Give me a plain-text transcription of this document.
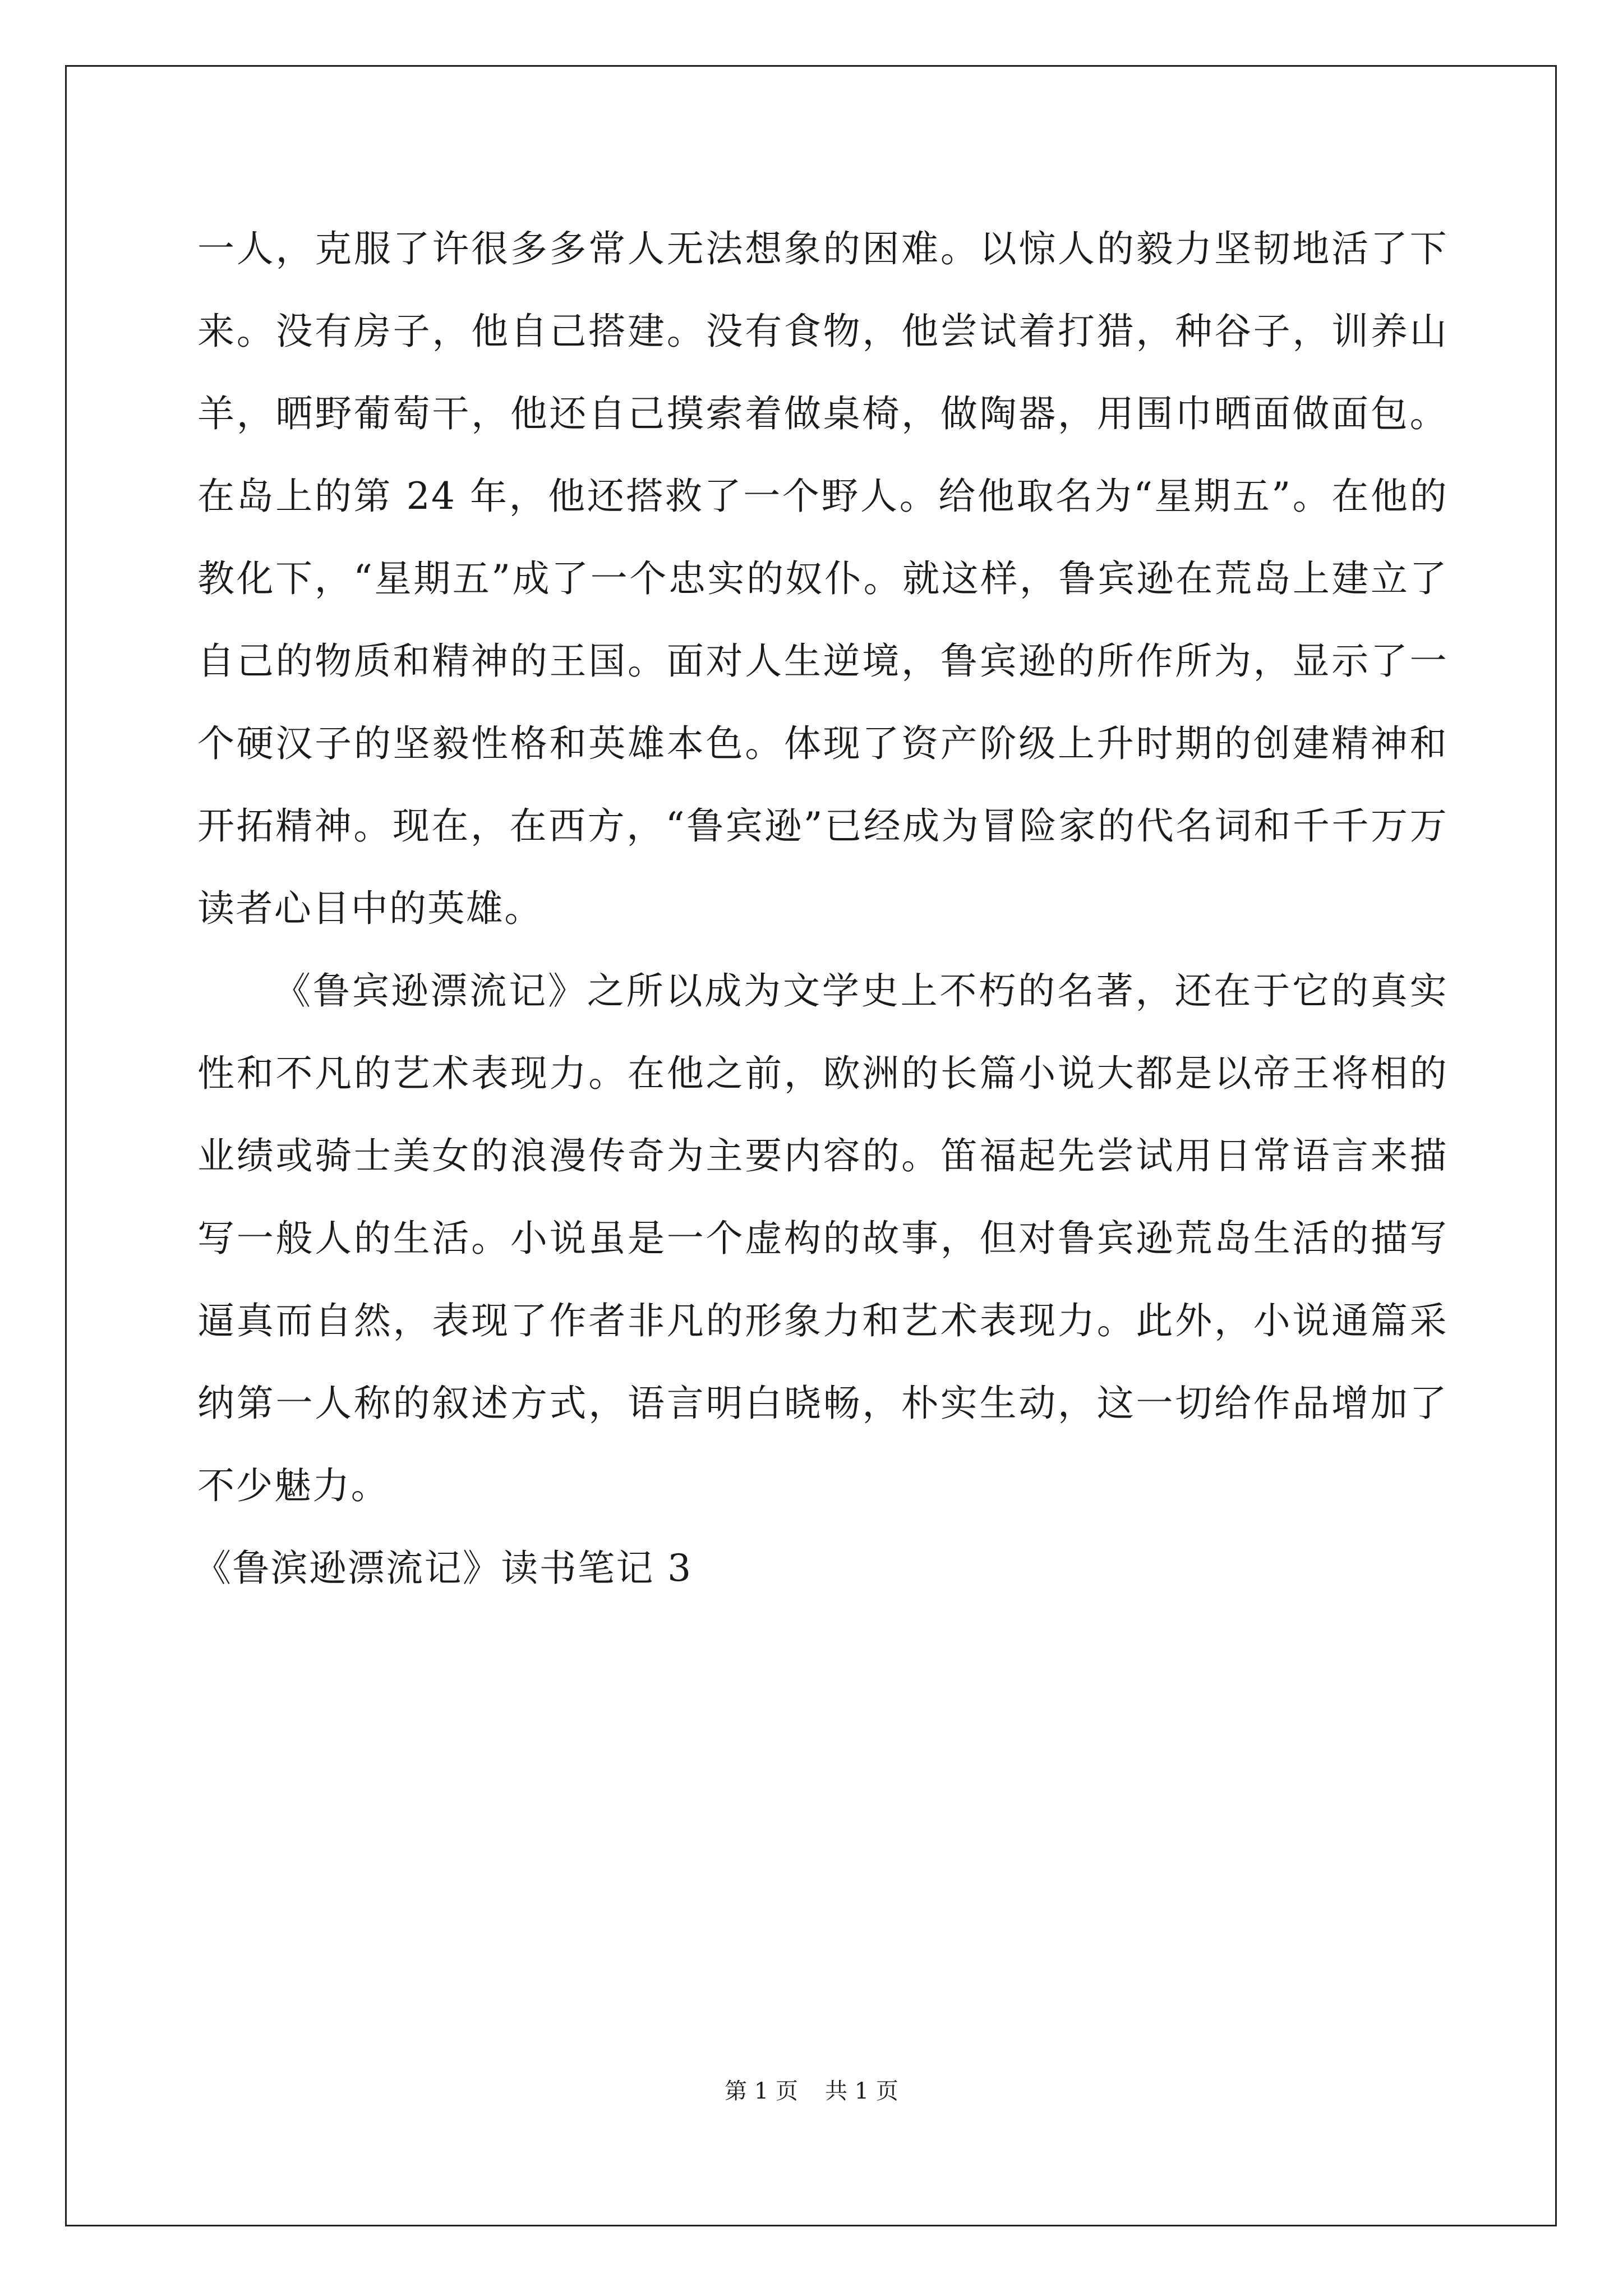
一人，克服了许很多多常人无法想象的困难。以惊人的毅力坚韧地活了下来。没有房子，他自己搭建。没有食物，他尝试着打猎，种谷子，训养山羊，晒野葡萄干，他还自己摸索着做桌椅，做陶器，用围巾晒面做面包。在岛上的第 24 年，他还搭救了一个野人。给他取名为“星期五”。在他的教化下，“星期五”成了一个忠实的奴仆。就这样，鲁宾逊在荒岛上建立了自己的物质和精神的王国。面对人生逆境，鲁宾逊的所作所为，显示了一个硬汉子的坚毅性格和英雄本色。体现了资产阶级上升时期的创建精神和开拓精神。现在，在西方，“鲁宾逊”已经成为冒险家的代名词和千千万万读者心目中的英雄。

《鲁宾逊漂流记》之所以成为文学史上不朽的名著，还在于它的真实性和不凡的艺术表现力。在他之前，欧洲的长篇小说大都是以帝王将相的业绩或骑士美女的浪漫传奇为主要内容的。笛福起先尝试用日常语言来描写一般人的生活。小说虽是一个虚构的故事，但对鲁宾逊荒岛生活的描写逼真而自然，表现了作者非凡的形象力和艺术表现力。此外，小说通篇采纳第一人称的叙述方式，语言明白晓畅，朴实生动，这一切给作品增加了不少魅力。

《鲁滨逊漂流记》读书笔记 3

第 1 页 共 1 页
